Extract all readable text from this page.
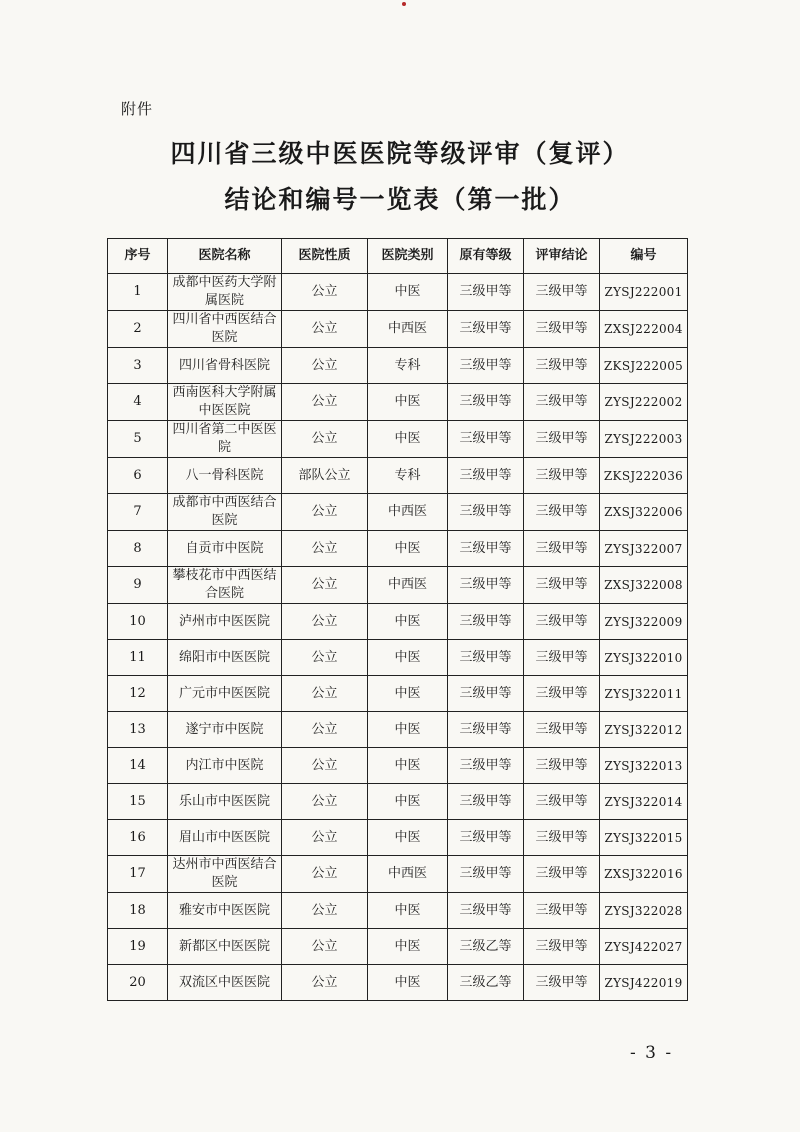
附件
四川省三级中医医院等级评审（复评）
结论和编号一览表（第一批）
序号	医院名称	医院性质	医院类别	原有等级	评审结论	编号
1	成都中医药大学附属医院	公立	中医	三级甲等	三级甲等	ZYSJ222001
2	四川省中西医结合医院	公立	中西医	三级甲等	三级甲等	ZXSJ222004
3	四川省骨科医院	公立	专科	三级甲等	三级甲等	ZKSJ222005
4	西南医科大学附属中医医院	公立	中医	三级甲等	三级甲等	ZYSJ222002
5	四川省第二中医医院	公立	中医	三级甲等	三级甲等	ZYSJ222003
6	八一骨科医院	部队公立	专科	三级甲等	三级甲等	ZKSJ222036
7	成都市中西医结合医院	公立	中西医	三级甲等	三级甲等	ZXSJ322006
8	自贡市中医院	公立	中医	三级甲等	三级甲等	ZYSJ322007
9	攀枝花市中西医结合医院	公立	中西医	三级甲等	三级甲等	ZXSJ322008
10	泸州市中医医院	公立	中医	三级甲等	三级甲等	ZYSJ322009
11	绵阳市中医医院	公立	中医	三级甲等	三级甲等	ZYSJ322010
12	广元市中医医院	公立	中医	三级甲等	三级甲等	ZYSJ322011
13	遂宁市中医院	公立	中医	三级甲等	三级甲等	ZYSJ322012
14	内江市中医院	公立	中医	三级甲等	三级甲等	ZYSJ322013
15	乐山市中医医院	公立	中医	三级甲等	三级甲等	ZYSJ322014
16	眉山市中医医院	公立	中医	三级甲等	三级甲等	ZYSJ322015
17	达州市中西医结合医院	公立	中西医	三级甲等	三级甲等	ZXSJ322016
18	雅安市中医医院	公立	中医	三级甲等	三级甲等	ZYSJ322028
19	新都区中医医院	公立	中医	三级乙等	三级甲等	ZYSJ422027
20	双流区中医医院	公立	中医	三级乙等	三级甲等	ZYSJ422019
- 3 -
